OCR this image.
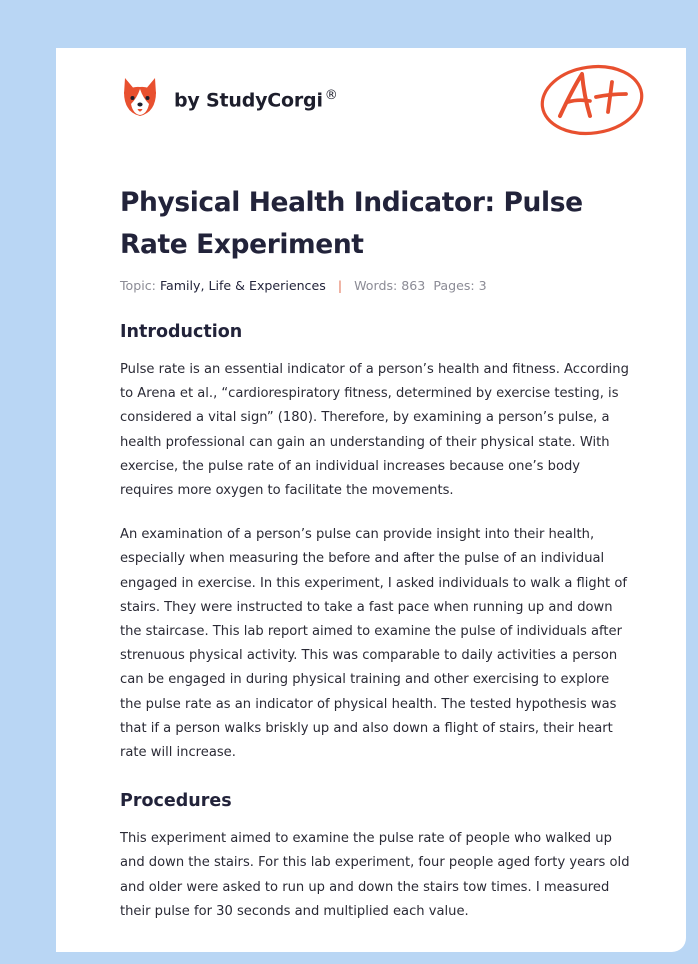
by StudyCorgi ®
Physical Health Indicator: Pulse Rate Experiment
Topic: Family, Life & Experiences | Words: 863 Pages: 3
Introduction

Pulse rate is an essential indicator of a person’s health and fitness. According to Arena et al., “cardiorespiratory fitness, determined by exercise testing, is considered a vital sign” (180). Therefore, by examining a person’s pulse, a health professional can gain an understanding of their physical state. With exercise, the pulse rate of an individual increases because one’s body requires more oxygen to facilitate the movements.

An examination of a person’s pulse can provide insight into their health, especially when measuring the before and after the pulse of an individual engaged in exercise. In this experiment, I asked individuals to walk a flight of stairs. They were instructed to take a fast pace when running up and down the staircase. This lab report aimed to examine the pulse of individuals after strenuous physical activity. This was comparable to daily activities a person can be engaged in during physical training and other exercising to explore the pulse rate as an indicator of physical health. The tested hypothesis was that if a person walks briskly up and also down a flight of stairs, their heart rate will increase.

Procedures

This experiment aimed to examine the pulse rate of people who walked up and down the stairs. For this lab experiment, four people aged forty years old and older were asked to run up and down the stairs tow times. I measured their pulse for 30 seconds and multiplied each value.
